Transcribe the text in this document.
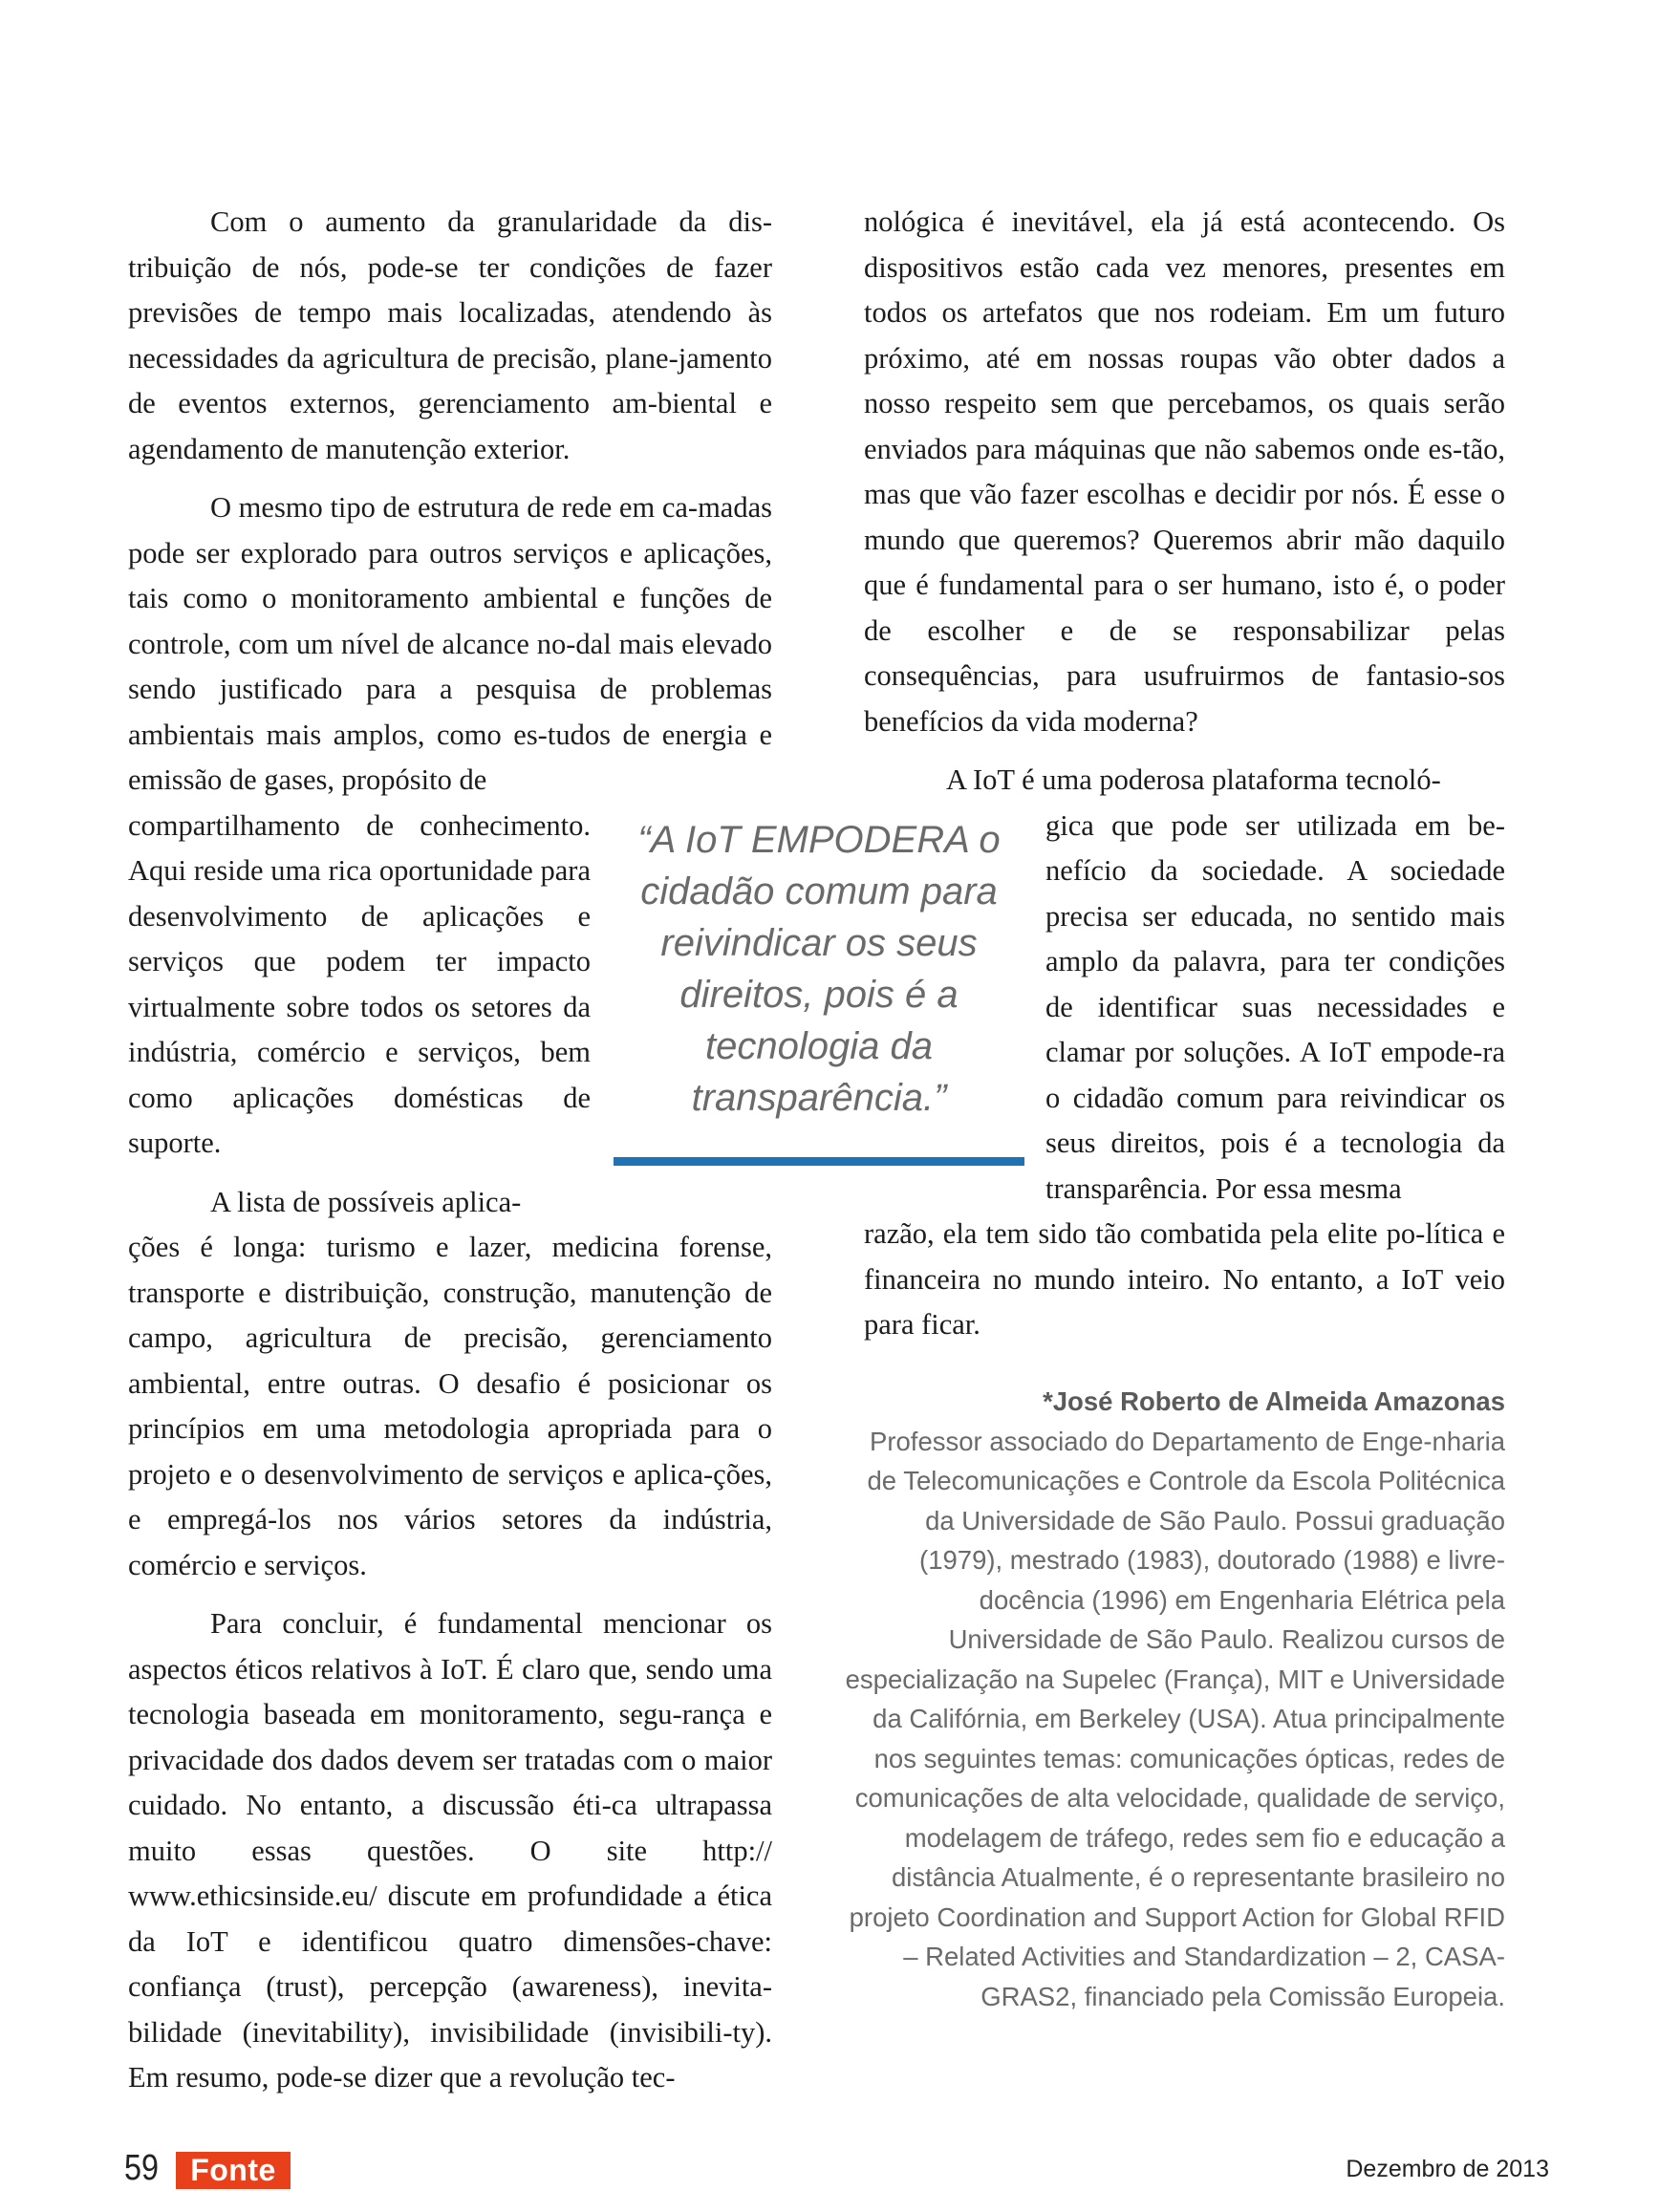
Com o aumento da granularidade da dis-tribuição de nós, pode-se ter condições de fazer previsões de tempo mais localizadas, atendendo às necessidades da agricultura de precisão, plane-jamento de eventos externos, gerenciamento am-biental e agendamento de manutenção exterior.

O mesmo tipo de estrutura de rede em ca-madas pode ser explorado para outros serviços e aplicações, tais como o monitoramento ambiental e funções de controle, com um nível de alcance no-dal mais elevado sendo justificado para a pesquisa de problemas ambientais mais amplos, como es-tudos de energia e emissão de gases, propósito de

compartilhamento de conhecimento. Aqui reside uma rica oportunidade para desenvolvimento de aplicações e serviços que podem ter impacto virtualmente sobre todos os setores da indústria, comércio e serviços, bem como aplicações domésticas de suporte.

A lista de possíveis aplica-

ções é longa: turismo e lazer, medicina forense, transporte e distribuição, construção, manutenção de campo, agricultura de precisão, gerenciamento ambiental, entre outras. O desafio é posicionar os princípios em uma metodologia apropriada para o projeto e o desenvolvimento de serviços e aplica-ções, e empregá-los nos vários setores da indústria, comércio e serviços.

Para concluir, é fundamental mencionar os aspectos éticos relativos à IoT. É claro que, sendo uma tecnologia baseada em monitoramento, segu-rança e privacidade dos dados devem ser tratadas com o maior cuidado. No entanto, a discussão éti-ca ultrapassa muito essas questões. O site http:// www.ethicsinside.eu/ discute em profundidade a ética da IoT e identificou quatro dimensões-chave: confiança (trust), percepção (awareness), inevita-bilidade (inevitability), invisibilidade (invisibili-ty). Em resumo, pode-se dizer que a revolução tec-

nológica é inevitável, ela já está acontecendo. Os dispositivos estão cada vez menores, presentes em todos os artefatos que nos rodeiam. Em um futuro próximo, até em nossas roupas vão obter dados a nosso respeito sem que percebamos, os quais serão enviados para máquinas que não sabemos onde es-tão, mas que vão fazer escolhas e decidir por nós. É esse o mundo que queremos? Queremos abrir mão daquilo que é fundamental para o ser humano, isto é, o poder de escolher e de se responsabilizar pelas consequências, para usufruirmos de fantasio-sos benefícios da vida moderna?

A IoT é uma poderosa plataforma tecnoló-

gica que pode ser utilizada em be-nefício da sociedade. A sociedade precisa ser educada, no sentido mais amplo da palavra, para ter condições de identificar suas necessidades e clamar por soluções. A IoT empode-ra o cidadão comum para reivindicar os seus direitos, pois é a tecnologia da transparência. Por essa mesma

razão, ela tem sido tão combatida pela elite po-lítica e financeira no mundo inteiro. No entanto, a IoT veio para ficar.

“A IoT EMPODERA o cidadão comum para reivindicar os seus direitos, pois é a tecnologia da transparência.”
*José Roberto de Almeida Amazonas
Professor associado do Departamento de Enge-nharia de Telecomunicações e Controle da Escola Politécnica da Universidade de São Paulo. Possui graduação (1979), mestrado (1983), doutorado (1988) e livre-docência (1996) em Engenharia Elétrica pela Universidade de São Paulo. Realizou cursos de especialização na Supelec (França), MIT e Universidade da Califórnia, em Berkeley (USA). Atua principalmente nos seguintes temas: comunicações ópticas, redes de comunicações de alta velocidade, qualidade de serviço, modelagem de tráfego, redes sem fio e educação a distância Atualmente, é o representante brasileiro no projeto Coordination and Support Action for Global RFID – Related Activities and Standardization – 2, CASA-GRAS2, financiado pela Comissão Europeia.
59	Fonte	Dezembro de 2013
